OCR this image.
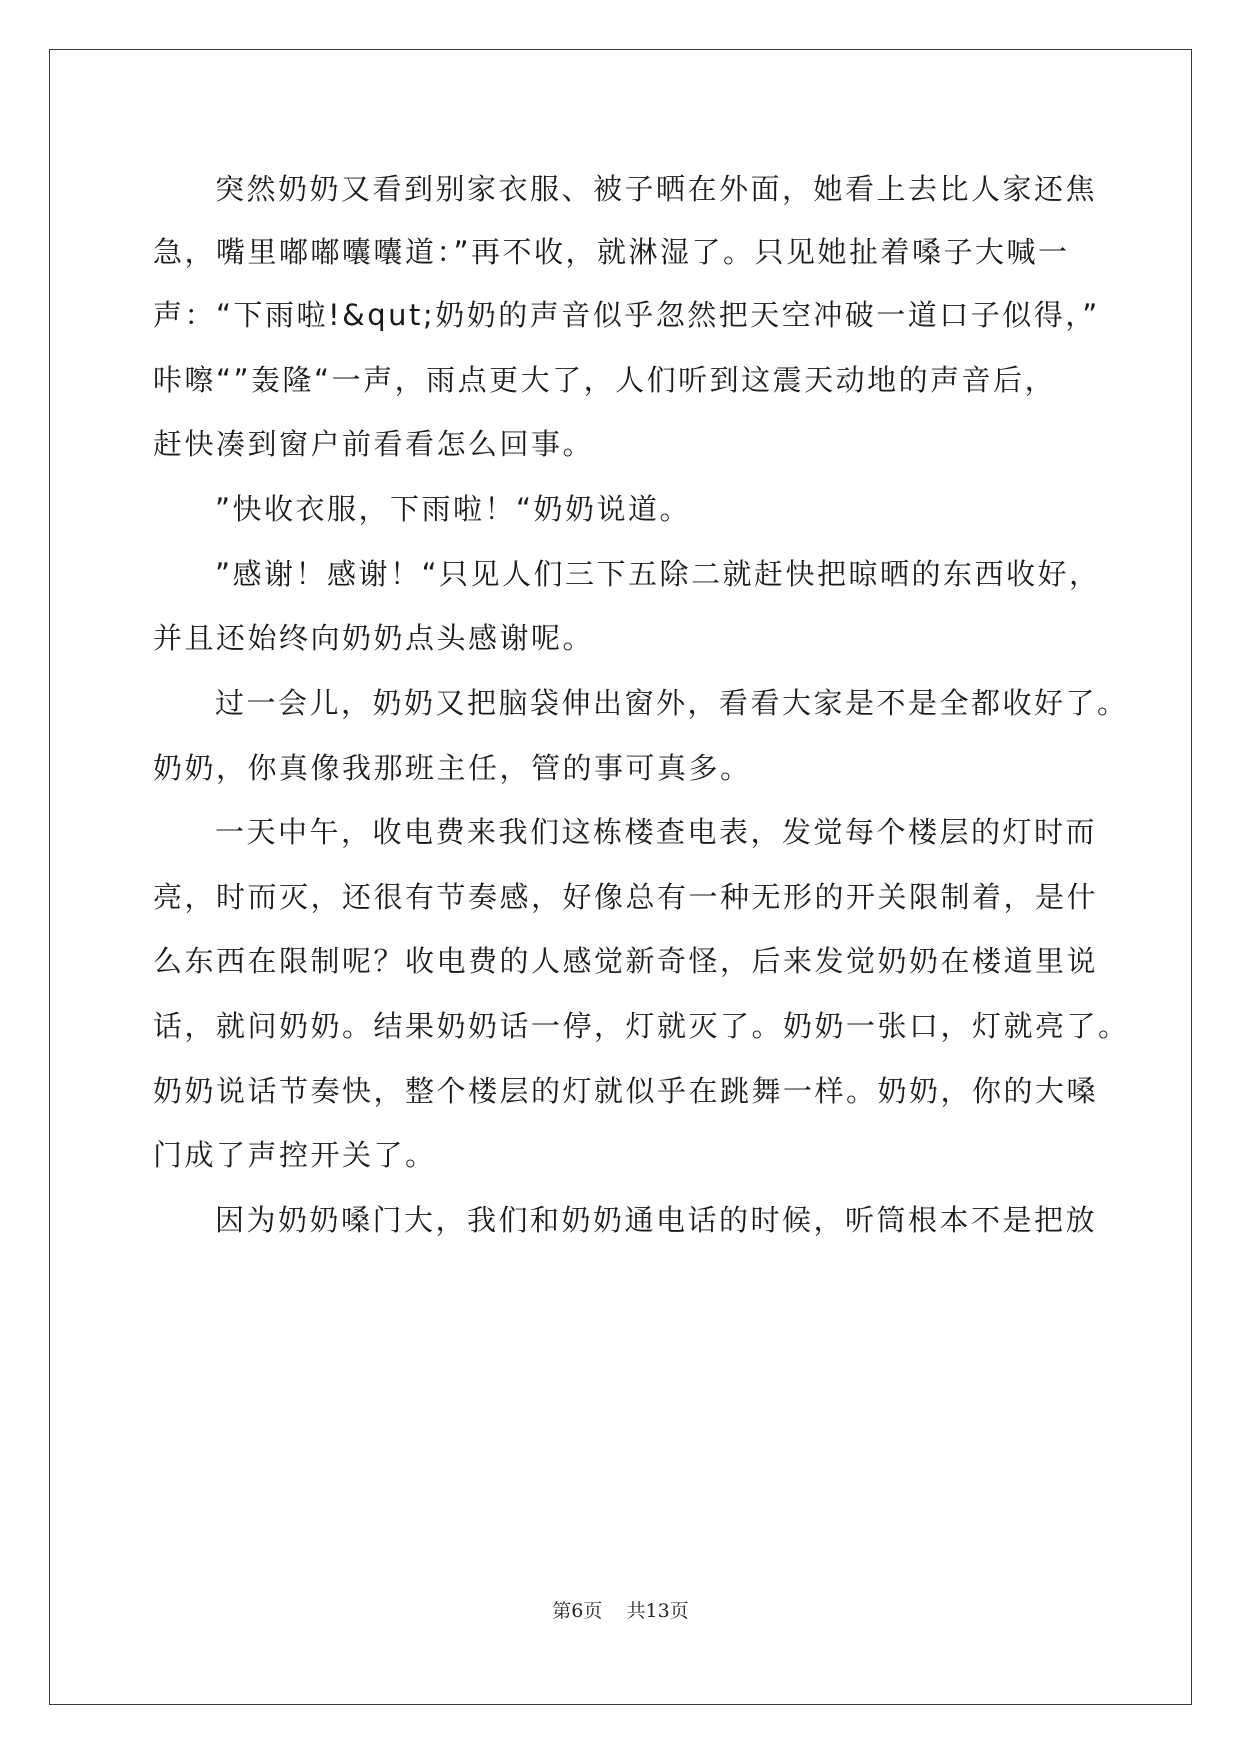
突然奶奶又看到别家衣服、被子晒在外面，她看上去比人家还焦
急，嘴里嘟嘟囔囔道：”再不收，就淋湿了。只见她扯着嗓子大喊一
声：“下雨啦!&qut;奶奶的声音似乎忽然把天空冲破一道口子似得，”
咔嚓“”轰隆“一声，雨点更大了，人们听到这震天动地的声音后，
赶快凑到窗户前看看怎么回事。
”快收衣服，下雨啦！“奶奶说道。
”感谢！感谢！“只见人们三下五除二就赶快把晾晒的东西收好，
并且还始终向奶奶点头感谢呢。
过一会儿，奶奶又把脑袋伸出窗外，看看大家是不是全都收好了。
奶奶，你真像我那班主任，管的事可真多。
一天中午，收电费来我们这栋楼查电表，发觉每个楼层的灯时而
亮，时而灭，还很有节奏感，好像总有一种无形的开关限制着，是什
么东西在限制呢？收电费的人感觉新奇怪，后来发觉奶奶在楼道里说
话，就问奶奶。结果奶奶话一停，灯就灭了。奶奶一张口，灯就亮了。
奶奶说话节奏快，整个楼层的灯就似乎在跳舞一样。奶奶，你的大嗓
门成了声控开关了。
因为奶奶嗓门大，我们和奶奶通电话的时候，听筒根本不是把放
第6页 共13页
